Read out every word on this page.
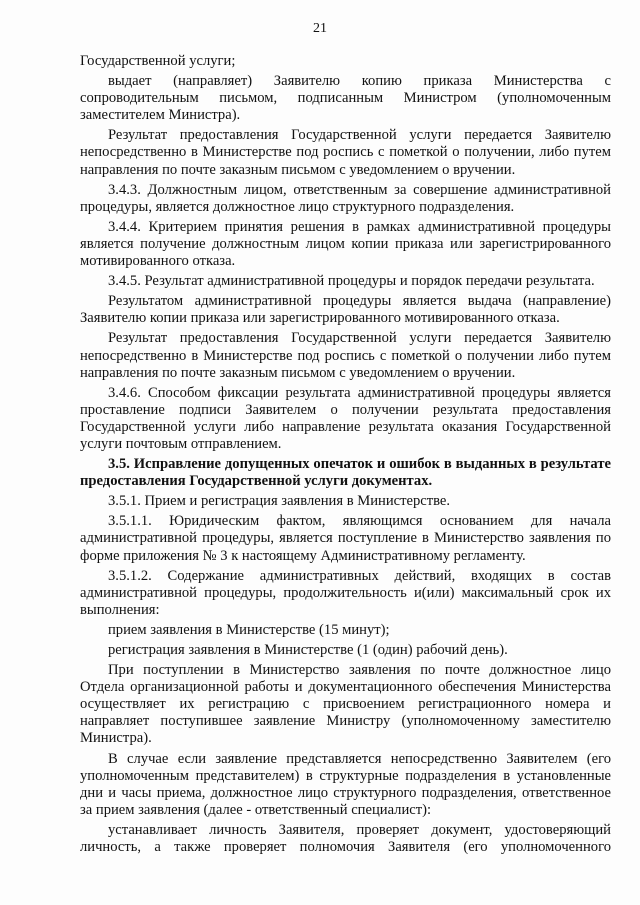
21

Государственной услуги;

выдает (направляет) Заявителю копию приказа Министерства с сопроводительным письмом, подписанным Министром (уполномоченным заместителем Министра).

Результат предоставления Государственной услуги передается Заявителю непосредственно в Министерстве под роспись с пометкой о получении, либо путем направления по почте заказным письмом с уведомлением о вручении.

3.4.3. Должностным лицом, ответственным за совершение административной процедуры, является должностное лицо структурного подразделения.

3.4.4. Критерием принятия решения в рамках административной процедуры является получение должностным лицом копии приказа или зарегистрированного мотивированного отказа.

3.4.5. Результат административной процедуры и порядок передачи результата.

Результатом административной процедуры является выдача (направление) Заявителю копии приказа или зарегистрированного мотивированного отказа.

Результат предоставления Государственной услуги передается Заявителю непосредственно в Министерстве под роспись с пометкой о получении либо путем направления по почте заказным письмом с уведомлением о вручении.

3.4.6. Способом фиксации результата административной процедуры является проставление подписи Заявителем о получении результата предоставления Государственной услуги либо направление результата оказания Государственной услуги почтовым отправлением.

3.5. Исправление допущенных опечаток и ошибок в выданных в результате предоставления Государственной услуги документах.

3.5.1. Прием и регистрация заявления в Министерстве.

3.5.1.1. Юридическим фактом, являющимся основанием для начала административной процедуры, является поступление в Министерство заявления по форме приложения № 3 к настоящему Административному регламенту.

3.5.1.2. Содержание административных действий, входящих в состав административной процедуры, продолжительность и(или) максимальный срок их выполнения:

прием заявления в Министерстве (15 минут);

регистрация заявления в Министерстве (1 (один) рабочий день).

При поступлении в Министерство заявления по почте должностное лицо Отдела организационной работы и документационного обеспечения Министерства осуществляет их регистрацию с присвоением регистрационного номера и направляет поступившее заявление Министру (уполномоченному заместителю Министра).

В случае если заявление представляется непосредственно Заявителем (его уполномоченным представителем) в структурные подразделения в установленные дни и часы приема, должностное лицо структурного подразделения, ответственное за прием заявления (далее - ответственный специалист):

устанавливает личность Заявителя, проверяет документ, удостоверяющий личность, а также проверяет полномочия Заявителя (его уполномоченного
